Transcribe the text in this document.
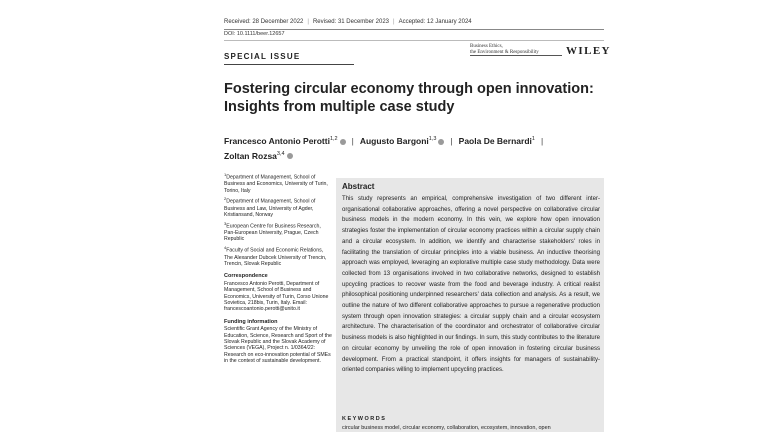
Received: 28 December 2022 | Revised: 31 December 2023 | Accepted: 12 January 2024
DOI: 10.1111/beer.12657
SPECIAL ISSUE
Business Ethics,
the Environment & Responsibility	WILEY
Fostering circular economy through open innovation: Insights from multiple case study
Francesco Antonio Perotti$^{1,2}$ | Augusto Bargoni$^{1,3}$ | Paola De Bernardi$^1$ |
Zoltan Rozsa$^{3,4}$
$^1$Department of Management, School of Business and Economics, University of Turin, Torino, Italy
$^2$Department of Management, School of Business and Law, University of Agder, Kristiansand, Norway
$^3$European Centre for Business Research, Pan-European University, Prague, Czech Republic
$^4$Faculty of Social and Economic Relations, The Alexander Dubcek University of Trencin, Trencin, Slovak Republic
Correspondence

Francesco Antonio Perotti, Department of Management, School of Business and Economics, University of Turin, Corso Unione Sovietica, 218bis, Turin, Italy. Email: francescoantonio.perotti@unito.it

Funding information

Scientific Grant Agency of the Ministry of Education, Science, Research and Sport of the Slovak Republic and the Slovak Academy of Sciences (VEGA), Project n. 1/0364/22: Research on eco-innovation potential of SMEs in the context of sustainable development.

Abstract
This study represents an empirical, comprehensive investigation of two different inter-organisational collaborative approaches, offering a novel perspective on collaborative circular business models in the modern economy. In this vein, we explore how open innovation strategies foster the implementation of circular economy practices within a circular supply chain and a circular ecosystem. In addition, we identify and characterise stakeholders' roles in facilitating the translation of circular principles into a viable business. An inductive theorising approach was employed, leveraging an explorative multiple case study methodology. Data were collected from 13 organisations involved in two collaborative networks, designed to establish upcycling practices to recover waste from the food and beverage industry. A critical realist philosophical positioning underpinned researchers' data collection and analysis. As a result, we outline the nature of two different collaborative approaches to pursue a regenerative production system through open innovation strategies: a circular supply chain and a circular ecosystem architecture. The characterisation of the coordinator and orchestrator of collaborative circular business models is also highlighted in our findings. In sum, this study contributes to the literature on circular economy by unveiling the role of open innovation in fostering circular business development. From a practical standpoint, it offers insights for managers of sustainability-oriented companies willing to implement upcycling practices.
KEYWORDS
circular business model, circular economy, collaboration, ecosystem, innovation, open
